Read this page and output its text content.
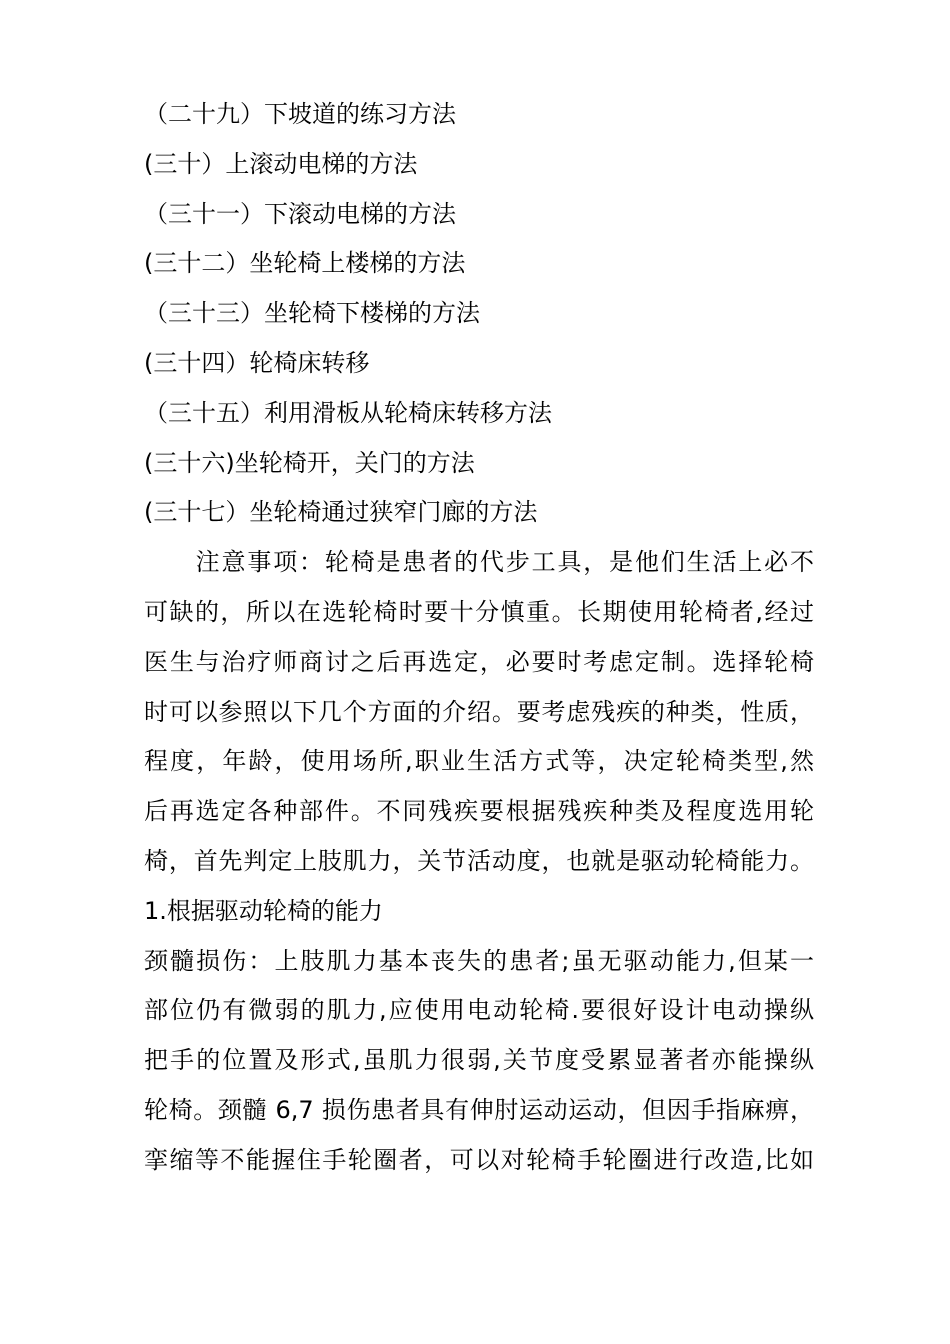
（二十九）下坡道的练习方法
(三十）上滚动电梯的方法
（三十一）下滚动电梯的方法
(三十二）坐轮椅上楼梯的方法
（三十三）坐轮椅下楼梯的方法
(三十四）轮椅床转移
（三十五）利用滑板从轮椅床转移方法
(三十六)坐轮椅开，关门的方法
(三十七）坐轮椅通过狭窄门廊的方法
　　注意事项：轮椅是患者的代步工具，是他们生活上必不
可缺的，所以在选轮椅时要十分慎重。长期使用轮椅者,经过
医生与治疗师商讨之后再选定，必要时考虑定制。选择轮椅
时可以参照以下几个方面的介绍。要考虑残疾的种类，性质，
程度，年龄，使用场所,职业生活方式等，决定轮椅类型,然
后再选定各种部件。不同残疾要根据残疾种类及程度选用轮
椅，首先判定上肢肌力，关节活动度，也就是驱动轮椅能力。
1.根据驱动轮椅的能力
颈髓损伤：上肢肌力基本丧失的患者;虽无驱动能力,但某一
部位仍有微弱的肌力,应使用电动轮椅.要很好设计电动操纵
把手的位置及形式,虽肌力很弱,关节度受累显著者亦能操纵
轮椅。颈髓 6,7 损伤患者具有伸肘运动运动，但因手指麻痹，
挛缩等不能握住手轮圈者，可以对轮椅手轮圈进行改造,比如
